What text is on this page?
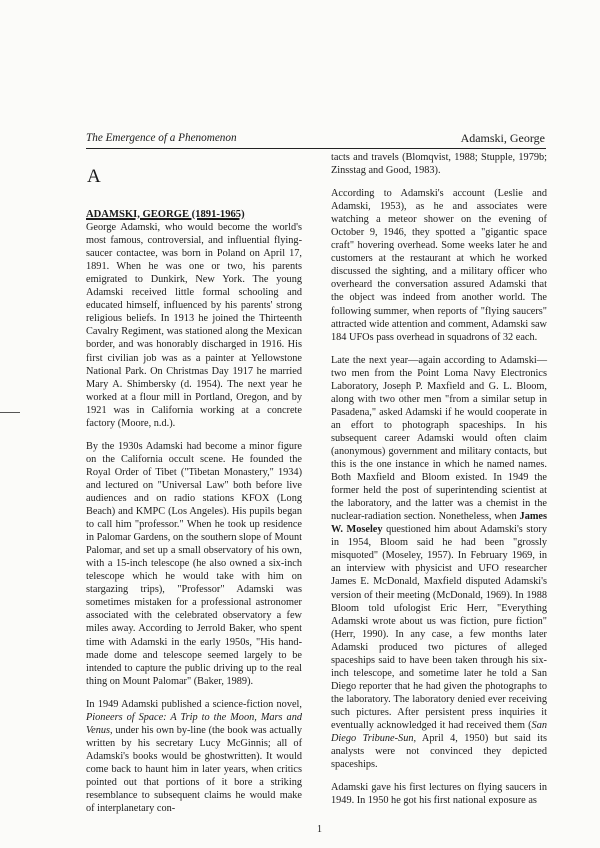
The Emergence of a Phenomenon	Adamski, George
A
ADAMSKI, GEORGE (1891-1965)

George Adamski, who would become the world's most famous, controversial, and influential flying-saucer contactee, was born in Poland on April 17, 1891. When he was one or two, his parents emigrated to Dunkirk, New York. The young Adamski received little formal schooling and educated himself, influenced by his parents' strong religious beliefs. In 1913 he joined the Thirteenth Cavalry Regiment, was stationed along the Mexican border, and was honorably discharged in 1916. His first civilian job was as a painter at Yellowstone National Park. On Christmas Day 1917 he married Mary A. Shimbersky (d. 1954). The next year he worked at a flour mill in Portland, Oregon, and by 1921 was in California working at a concrete factory (Moore, n.d.).

By the 1930s Adamski had become a minor figure on the California occult scene. He founded the Royal Order of Tibet ("Tibetan Monastery," 1934) and lectured on "Universal Law" both before live audiences and on radio stations KFOX (Long Beach) and KMPC (Los Angeles). His pupils began to call him "professor." When he took up residence in Palomar Gardens, on the southern slope of Mount Palomar, and set up a small observatory of his own, with a 15-inch telescope (he also owned a six-inch telescope which he would take with him on stargazing trips), "Professor" Adamski was sometimes mistaken for a professional astronomer associated with the celebrated observatory a few miles away. According to Jerrold Baker, who spent time with Adamski in the early 1950s, "His hand-made dome and telescope seemed largely to be intended to capture the public driving up to the real thing on Mount Palomar" (Baker, 1989).

In 1949 Adamski published a science-fiction novel, Pioneers of Space: A Trip to the Moon, Mars and Venus, under his own by-line (the book was actually written by his secretary Lucy McGinnis; all of Adamski's books would be ghostwritten). It would come back to haunt him in later years, when critics pointed out that portions of it bore a striking resemblance to subsequent claims he would make of interplanetary con-

tacts and travels (Blomqvist, 1988; Stupple, 1979b; Zinsstag and Good, 1983).

According to Adamski's account (Leslie and Adamski, 1953), as he and associates were watching a meteor shower on the evening of October 9, 1946, they spotted a "gigantic space craft" hovering overhead. Some weeks later he and customers at the restaurant at which he worked discussed the sighting, and a military officer who overheard the conversation assured Adamski that the object was indeed from another world. The following summer, when reports of "flying saucers" attracted wide attention and comment, Adamski saw 184 UFOs pass overhead in squadrons of 32 each.

Late the next year—again according to Adamski—two men from the Point Loma Navy Electronics Laboratory, Joseph P. Maxfield and G. L. Bloom, along with two other men "from a similar setup in Pasadena," asked Adamski if he would cooperate in an effort to photograph spaceships. In his subsequent career Adamski would often claim (anonymous) government and military contacts, but this is the one instance in which he named names. Both Maxfield and Bloom existed. In 1949 the former held the post of superintending scientist at the laboratory, and the latter was a chemist in the nuclear-radiation section. Nonetheless, when James W. Moseley questioned him about Adamski's story in 1954, Bloom said he had been "grossly misquoted" (Moseley, 1957). In February 1969, in an interview with physicist and UFO researcher James E. McDonald, Maxfield disputed Adamski's version of their meeting (McDonald, 1969). In 1988 Bloom told ufologist Eric Herr, "Everything Adamski wrote about us was fiction, pure fiction" (Herr, 1990). In any case, a few months later Adamski produced two pictures of alleged spaceships said to have been taken through his six-inch telescope, and sometime later he told a San Diego reporter that he had given the photographs to the laboratory. The laboratory denied ever receiving such pictures. After persistent press inquiries it eventually acknowledged it had received them (San Diego Tribune-Sun, April 4, 1950) but said its analysts were not convinced they depicted spaceships.

Adamski gave his first lectures on flying saucers in 1949. In 1950 he got his first national exposure as

1
